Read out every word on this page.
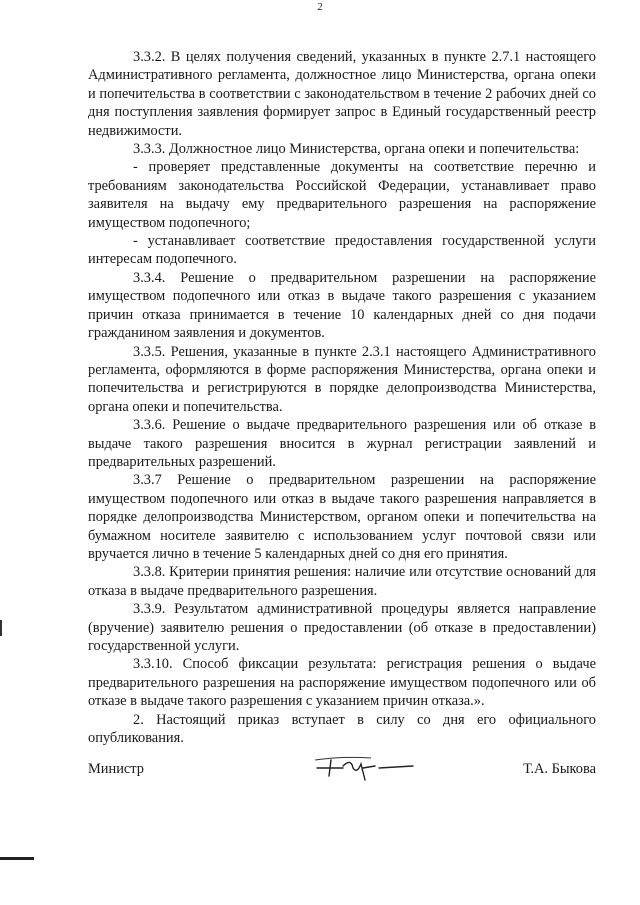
2

3.3.2. В целях получения сведений, указанных в пункте 2.7.1 настоящего Административного регламента, должностное лицо Министерства, органа опеки и попечительства в соответствии с законодательством в течение 2 рабочих дней со дня поступления заявления формирует запрос в Единый государственный реестр недвижимости.

3.3.3. Должностное лицо Министерства, органа опеки и попечительства:

- проверяет представленные документы на соответствие перечню и требованиям законодательства Российской Федерации, устанавливает право заявителя на выдачу ему предварительного разрешения на распоряжение имуществом подопечного;

- устанавливает соответствие предоставления государственной услуги интересам подопечного.

3.3.4. Решение о предварительном разрешении на распоряжение имуществом подопечного или отказ в выдаче такого разрешения с указанием причин отказа принимается в течение 10 календарных дней со дня подачи гражданином заявления и документов.

3.3.5. Решения, указанные в пункте 2.3.1 настоящего Административного регламента, оформляются в форме распоряжения Министерства, органа опеки и попечительства и регистрируются в порядке делопроизводства Министерства, органа опеки и попечительства.

3.3.6. Решение о выдаче предварительного разрешения или об отказе в выдаче такого разрешения вносится в журнал регистрации заявлений и предварительных разрешений.

3.3.7 Решение о предварительном разрешении на распоряжение имуществом подопечного или отказ в выдаче такого разрешения направляется в порядке делопроизводства Министерством, органом опеки и попечительства на бумажном носителе заявителю с использованием услуг почтовой связи или вручается лично в течение 5 календарных дней со дня его принятия.

3.3.8. Критерии принятия решения: наличие или отсутствие оснований для отказа в выдаче предварительного разрешения.

3.3.9. Результатом административной процедуры является направление (вручение) заявителю решения о предоставлении (об отказе в предоставлении) государственной услуги.

3.3.10. Способ фиксации результата: регистрация решения о выдаче предварительного разрешения на распоряжение имуществом подопечного или об отказе в выдаче такого разрешения с указанием причин отказа.».

2. Настоящий приказ вступает в силу со дня его официального опубликования.

Министр	Т.А. Быкова
